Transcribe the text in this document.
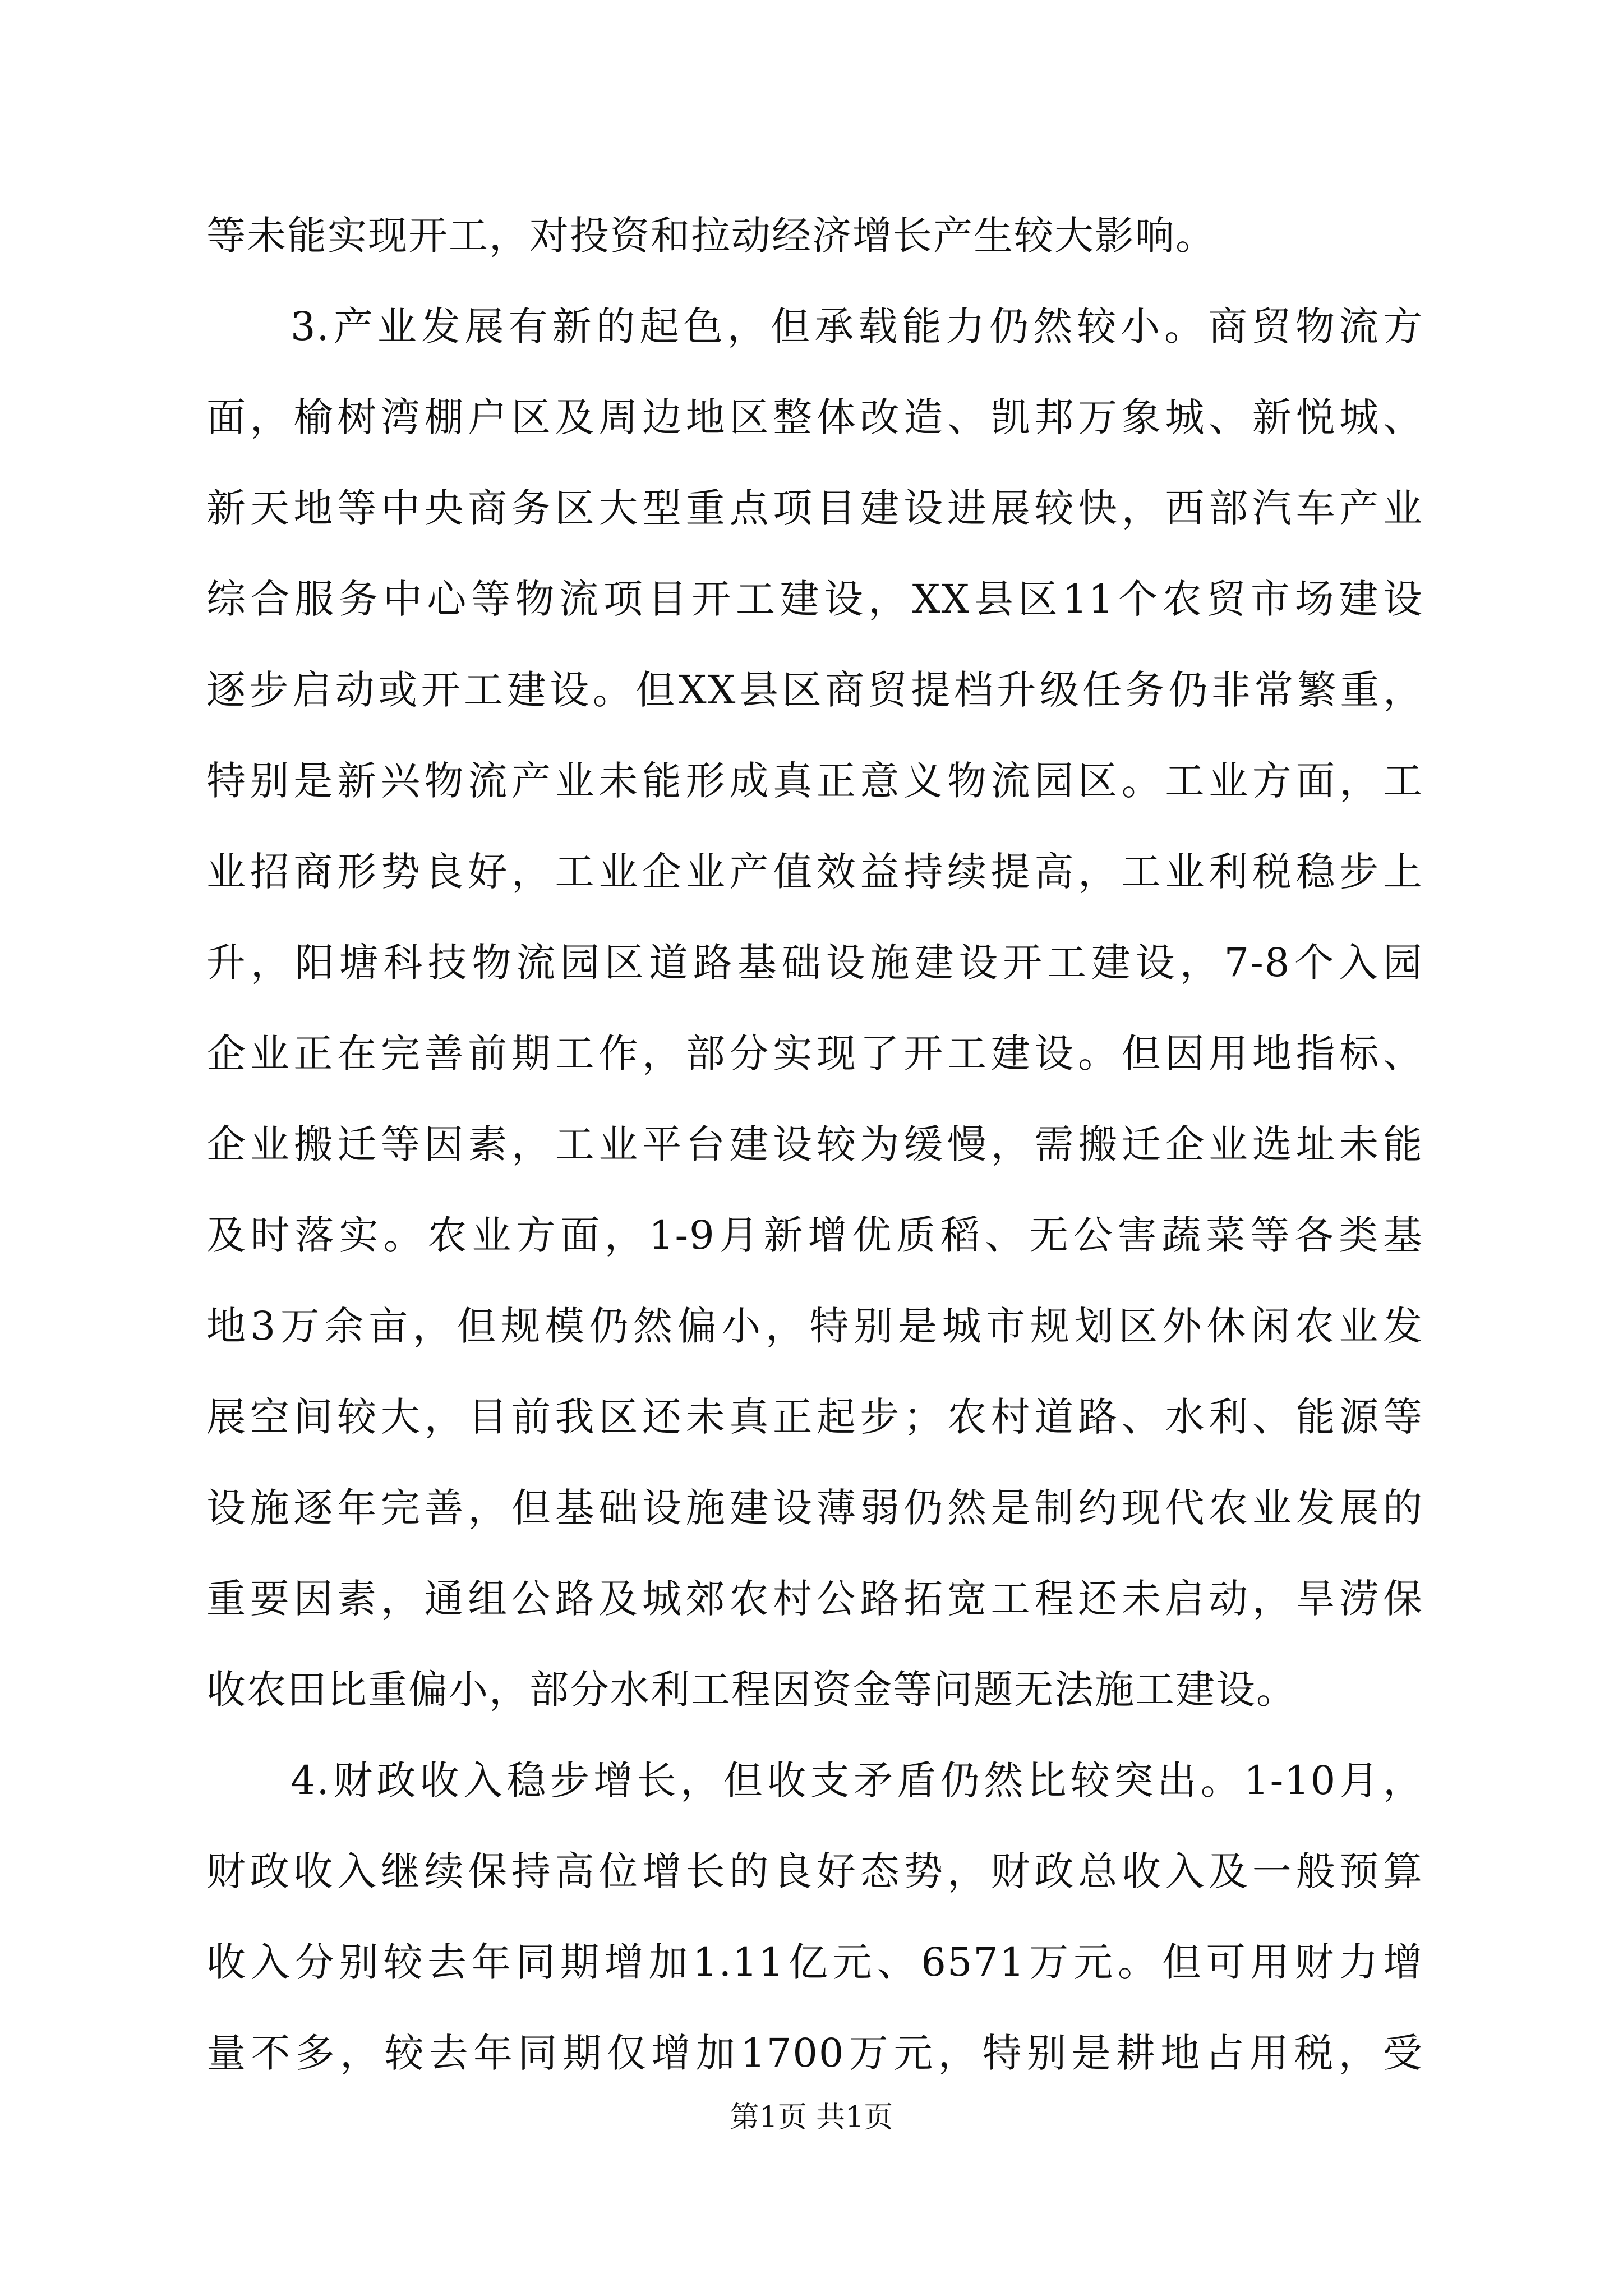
等未能实现开工，对投资和拉动经济增长产生较大影响。
3.产业发展有新的起色，但承载能力仍然较小。商贸物流方
面，榆树湾棚户区及周边地区整体改造、凯邦万象城、新悦城、
新天地等中央商务区大型重点项目建设进展较快，西部汽车产业
综合服务中心等物流项目开工建设，XX县区11个农贸市场建设
逐步启动或开工建设。但XX县区商贸提档升级任务仍非常繁重，
特别是新兴物流产业未能形成真正意义物流园区。工业方面，工
业招商形势良好，工业企业产值效益持续提高，工业利税稳步上
升，阳塘科技物流园区道路基础设施建设开工建设，7-8个入园
企业正在完善前期工作，部分实现了开工建设。但因用地指标、
企业搬迁等因素，工业平台建设较为缓慢，需搬迁企业选址未能
及时落实。农业方面，1-9月新增优质稻、无公害蔬菜等各类基
地3万余亩，但规模仍然偏小，特别是城市规划区外休闲农业发
展空间较大，目前我区还未真正起步；农村道路、水利、能源等
设施逐年完善，但基础设施建设薄弱仍然是制约现代农业发展的
重要因素，通组公路及城郊农村公路拓宽工程还未启动，旱涝保
收农田比重偏小，部分水利工程因资金等问题无法施工建设。
4.财政收入稳步增长，但收支矛盾仍然比较突出。1-10月，
财政收入继续保持高位增长的良好态势，财政总收入及一般预算
收入分别较去年同期增加1.11亿元、6571万元。但可用财力增
量不多，较去年同期仅增加1700万元，特别是耕地占用税，受
第1页 共1页
